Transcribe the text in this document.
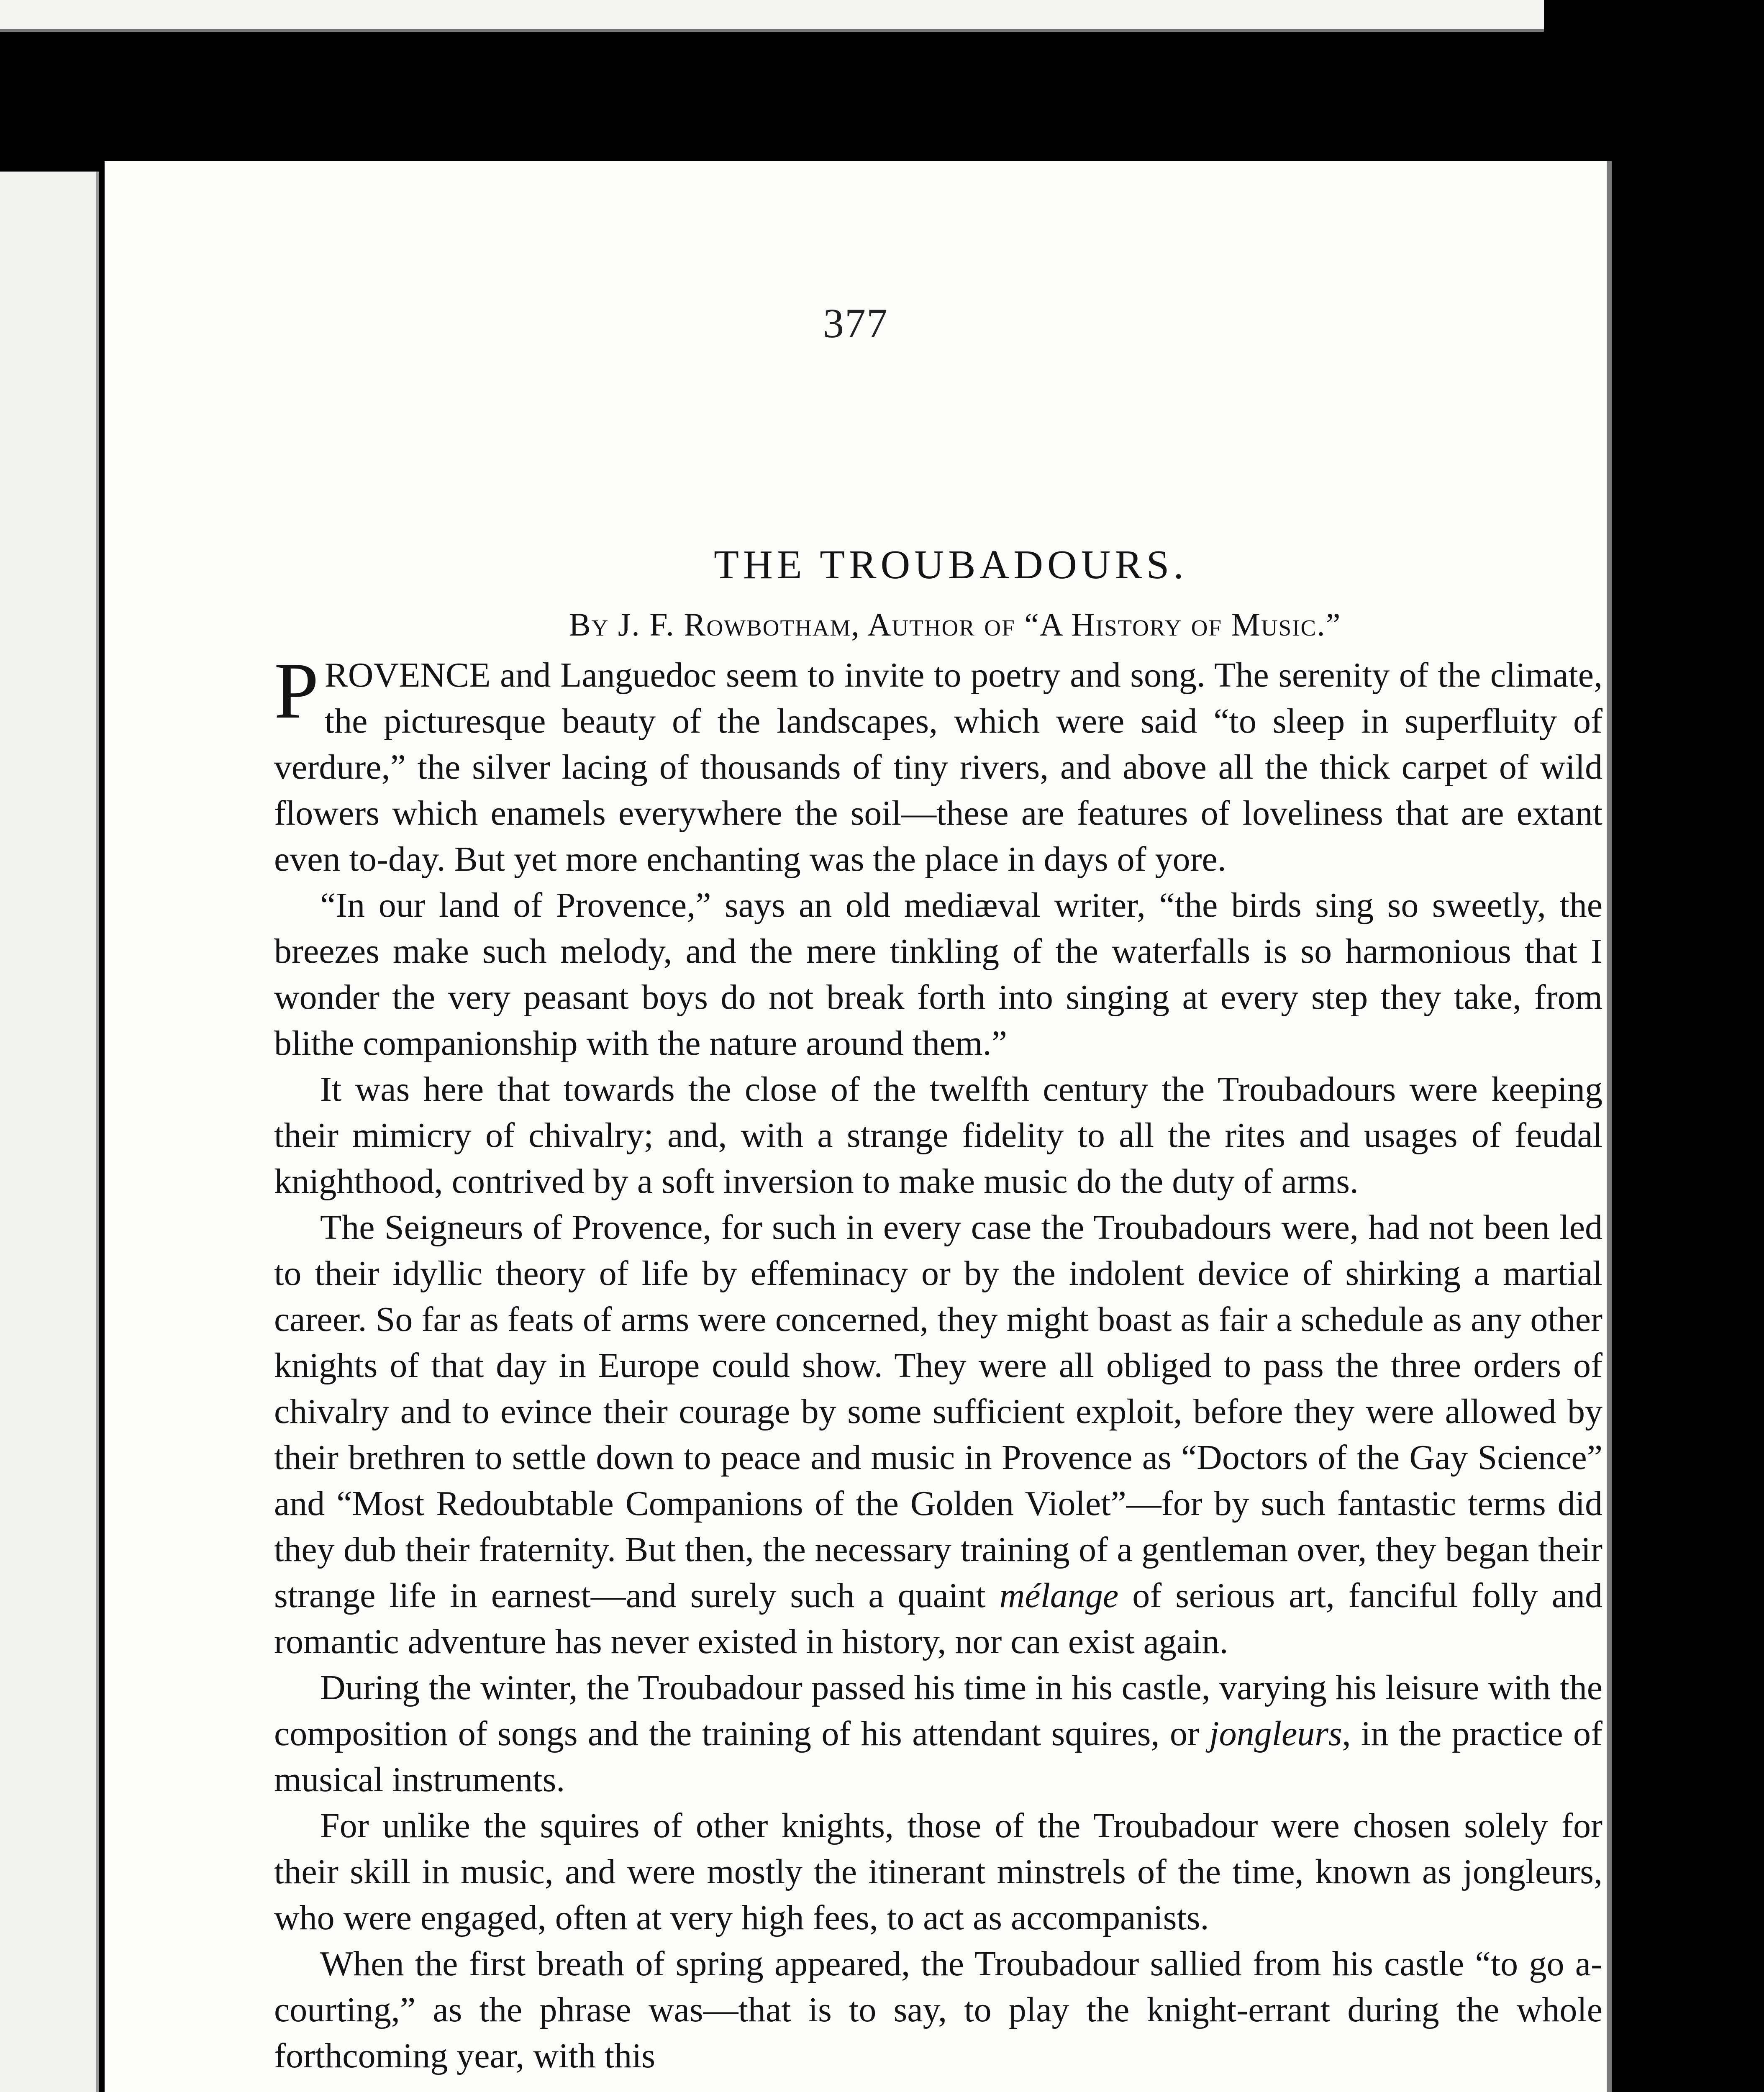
377

THE TROUBADOURS.

By J. F. Rowbotham, Author of “A History of Music.”

PROVENCE and Languedoc seem to invite to poetry and song. The serenity of the climate, the picturesque beauty of the landscapes, which were said “to sleep in superfluity of verdure,” the silver lacing of thousands of tiny rivers, and above all the thick carpet of wild flowers which enamels everywhere the soil—these are features of loveliness that are extant even to-day. But yet more enchanting was the place in days of yore.

“In our land of Provence,” says an old mediæval writer, “the birds sing so sweetly, the breezes make such melody, and the mere tinkling of the waterfalls is so harmonious that I wonder the very peasant boys do not break forth into singing at every step they take, from blithe companionship with the nature around them.”

It was here that towards the close of the twelfth century the Troubadours were keeping their mimicry of chivalry; and, with a strange fidelity to all the rites and usages of feudal knighthood, contrived by a soft inversion to make music do the duty of arms.

The Seigneurs of Provence, for such in every case the Troubadours were, had not been led to their idyllic theory of life by effeminacy or by the indolent device of shirking a martial career. So far as feats of arms were concerned, they might boast as fair a schedule as any other knights of that day in Europe could show. They were all obliged to pass the three orders of chivalry and to evince their courage by some sufficient exploit, before they were allowed by their brethren to settle down to peace and music in Provence as “Doctors of the Gay Science” and “Most Redoubtable Companions of the Golden Violet”—for by such fantastic terms did they dub their fraternity. But then, the necessary training of a gentleman over, they began their strange life in earnest—and surely such a quaint mélange of serious art, fanciful folly and romantic adventure has never existed in history, nor can exist again.

During the winter, the Troubadour passed his time in his castle, varying his leisure with the composition of songs and the training of his attendant squires, or jongleurs, in the practice of musical instruments.

For unlike the squires of other knights, those of the Troubadour were chosen solely for their skill in music, and were mostly the itinerant minstrels of the time, known as jongleurs, who were engaged, often at very high fees, to act as accompanists.

When the first breath of spring appeared, the Troubadour sallied from his castle “to go a-courting,” as the phrase was—that is to say, to play the knight-errant during the whole forthcoming year, with this
